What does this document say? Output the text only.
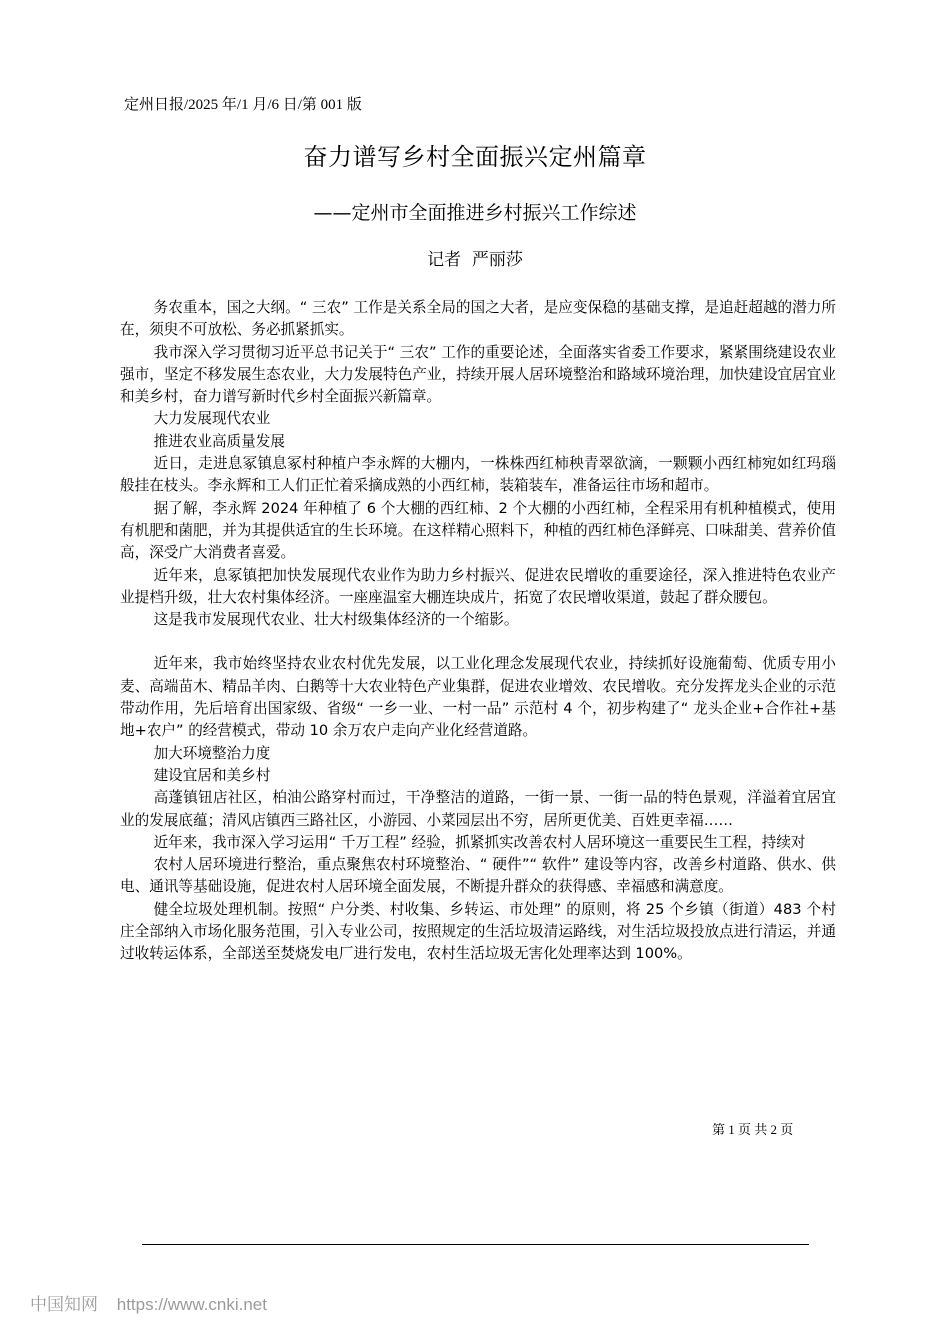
定州日报/2025 年/1 月/6 日/第 001 版
奋力谱写乡村全面振兴定州篇章
——定州市全面推进乡村振兴工作综述
记者  严丽莎

务农重本，国之大纲。“ 三农” 工作是关系全局的国之大者，是应变保稳的基础支撑，是追赶超越的潜力所在，须臾不可放松、务必抓紧抓实。

我市深入学习贯彻习近平总书记关于“ 三农” 工作的重要论述，全面落实省委工作要求，紧紧围绕建设农业强市，坚定不移发展生态农业，大力发展特色产业，持续开展人居环境整治和路域环境治理，加快建设宜居宜业和美乡村，奋力谱写新时代乡村全面振兴新篇章。

大力发展现代农业

推进农业高质量发展

近日，走进息冢镇息冢村种植户李永辉的大棚内，一株株西红柿秧青翠欲滴，一颗颗小西红柿宛如红玛瑙般挂在枝头。李永辉和工人们正忙着采摘成熟的小西红柿，装箱装车，准备运往市场和超市。

据了解，李永辉 2024 年种植了 6 个大棚的西红柿、2 个大棚的小西红柿，全程采用有机种植模式，使用有机肥和菌肥，并为其提供适宜的生长环境。在这样精心照料下，种植的西红柿色泽鲜亮、口味甜美、营养价值高，深受广大消费者喜爱。

近年来，息冢镇把加快发展现代农业作为助力乡村振兴、促进农民增收的重要途径，深入推进特色农业产业提档升级，壮大农村集体经济。一座座温室大棚连块成片，拓宽了农民增收渠道，鼓起了群众腰包。

这是我市发展现代农业、壮大村级集体经济的一个缩影。

近年来，我市始终坚持农业农村优先发展，以工业化理念发展现代农业，持续抓好设施葡萄、优质专用小麦、高端苗木、精品羊肉、白鹅等十大农业特色产业集群，促进农业增效、农民增收。充分发挥龙头企业的示范带动作用，先后培育出国家级、省级“ 一乡一业、一村一品” 示范村 4 个，初步构建了“ 龙头企业+合作社+基地+农户” 的经营模式，带动 10 余万农户走向产业化经营道路。

加大环境整治力度

建设宜居和美乡村

高蓬镇钮店社区，柏油公路穿村而过，干净整洁的道路，一街一景、一街一品的特色景观，洋溢着宜居宜业的发展底蕴；清风店镇西三路社区，小游园、小菜园层出不穷，居所更优美、百姓更幸福……

近年来，我市深入学习运用“ 千万工程” 经验，抓紧抓实改善农村人居环境这一重要民生工程，持续对

农村人居环境进行整治，重点聚焦农村环境整治、“ 硬件”“ 软件” 建设等内容，改善乡村道路、供水、供电、通讯等基础设施，促进农村人居环境全面发展，不断提升群众的获得感、幸福感和满意度。

健全垃圾处理机制。按照“ 户分类、村收集、乡转运、市处理” 的原则，将 25 个乡镇（街道）483 个村庄全部纳入市场化服务范围，引入专业公司，按照规定的生活垃圾清运路线，对生活垃圾投放点进行清运，并通过收转运体系，全部送至焚烧发电厂进行发电，农村生活垃圾无害化处理率达到 100%。

第 1 页 共 2 页
中国知网 https://www.cnki.net
